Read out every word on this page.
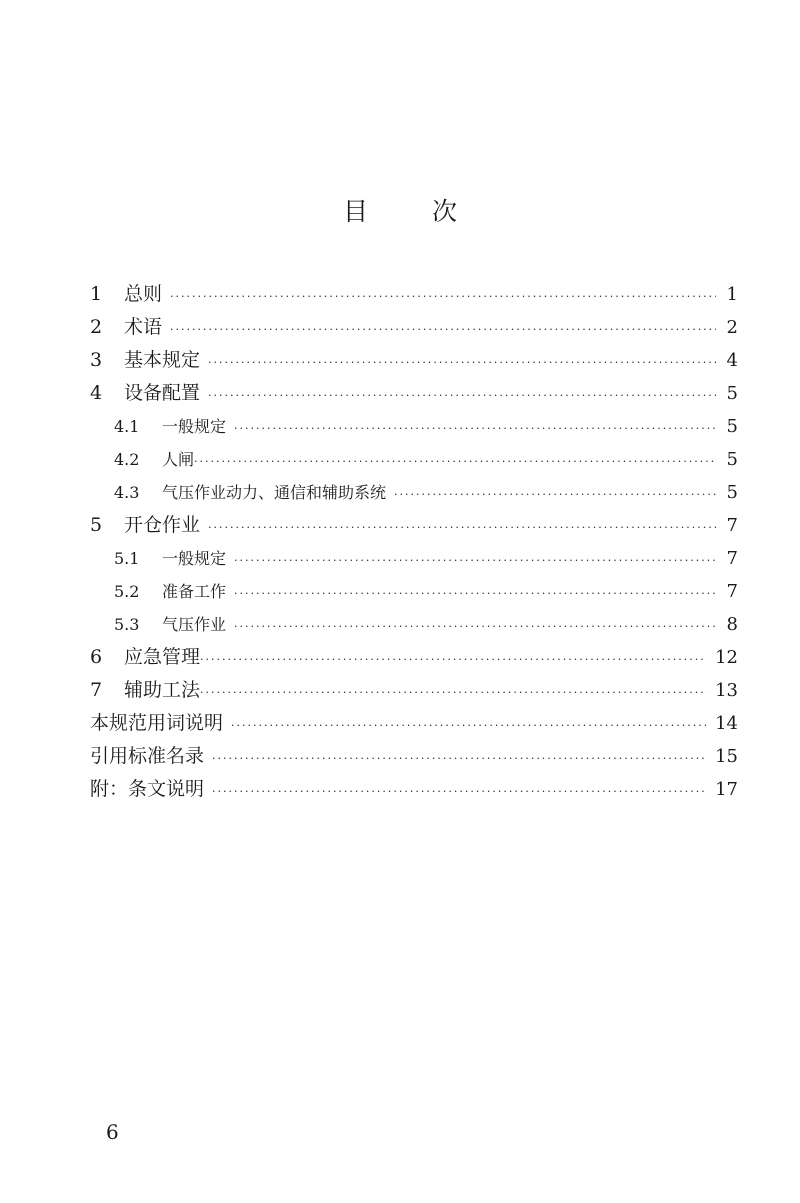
目	次
1	总则 ·····	1
2	术语 ·····	2
3	基本规定 ·····	4
4	设备配置 ·····	5
4.1	一般规定 ·····	5
4.2	人闸 ·····	5
4.3	气压作业动力、通信和辅助系统 ·····	5
5	开仓作业 ·····	7
5.1	一般规定 ·····	7
5.2	准备工作 ·····	7
5.3	气压作业 ·····	8
6	应急管理 ·····	12
7	辅助工法 ·····	13
本规范用词说明 ·····	14
引用标准名录 ·····	15
附：条文说明 ·····	17
6
